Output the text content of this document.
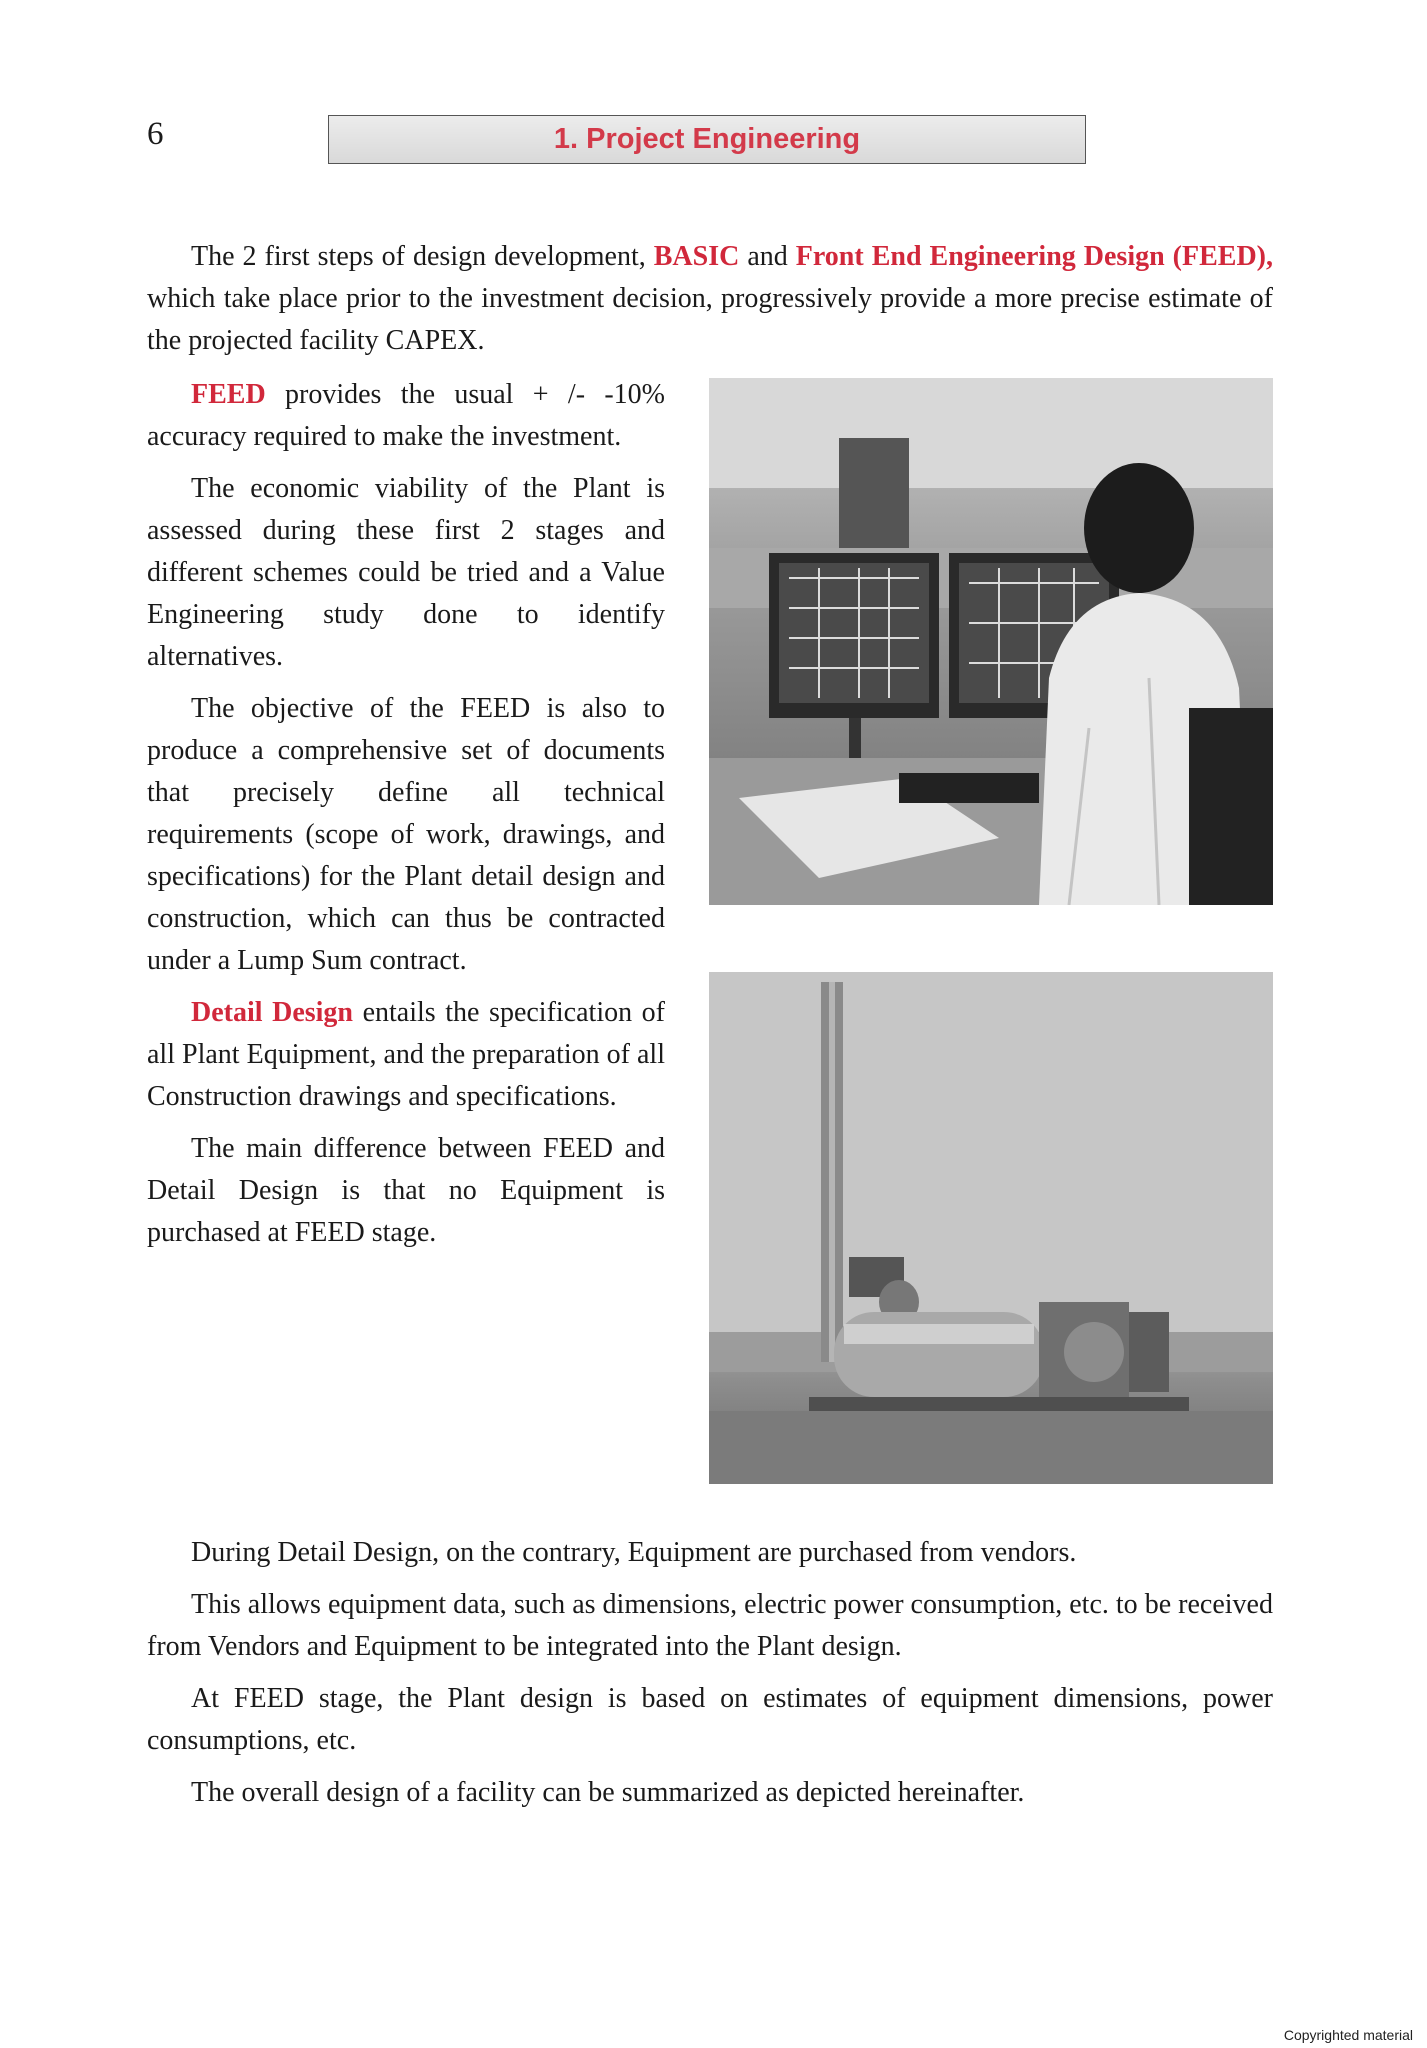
6	1. Project Engineering

The 2 first steps of design development, BASIC and Front End Engineering Design (FEED), which take place prior to the investment decision, progressively provide a more precise estimate of the projected facility CAPEX.

FEED provides the usual + /- -10% accuracy required to make the investment.

The economic viability of the Plant is assessed during these first 2 stages and different schemes could be tried and a Value Engineering study done to identify alternatives.

The objective of the FEED is also to produce a comprehensive set of documents that precisely define all technical requirements (scope of work, drawings, and specifications) for the Plant detail design and construction, which can thus be contracted under a Lump Sum contract.

Detail Design entails the specification of all Plant Equipment, and the preparation of all Construction drawings and specifications.

The main difference between FEED and Detail Design is that no Equipment is purchased at FEED stage.

During Detail Design, on the contrary, Equipment are purchased from vendors.

This allows equipment data, such as dimensions, electric power consumption, etc. to be received from Vendors and Equipment to be integrated into the Plant design.

At FEED stage, the Plant design is based on estimates of equipment dimensions, power consumptions, etc.

The overall design of a facility can be summarized as depicted hereinafter.

Copyrighted material
